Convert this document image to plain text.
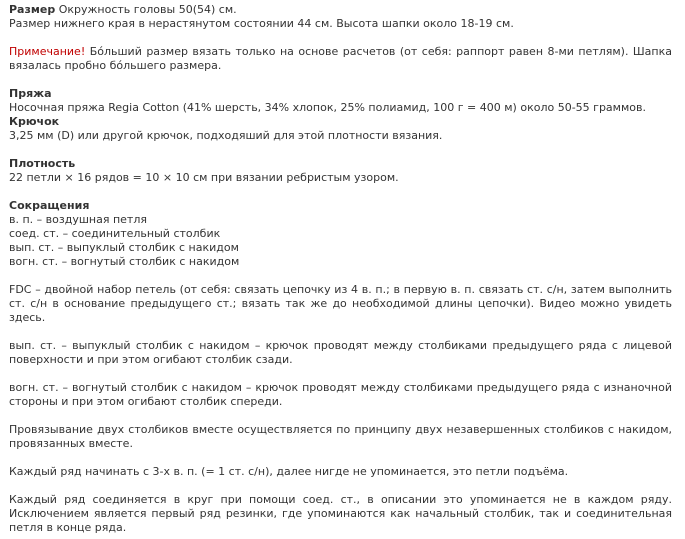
Размер Окружность головы 50(54) см.
Размер нижнего края в нерастянутом состоянии 44 см. Высота шапки около 18-19 см.

Примечание! Бóльший размер вязать только на основе расчетов (от себя: раппорт равен 8-ми петлям). Шапка вязалась пробно бóльшего размера.

Пряжа
Носочная пряжа Regia Cotton (41% шерсть, 34% хлопок, 25% полиамид, 100 г = 400 м) около 50-55 граммов.
Крючок
3,25 мм (D) или другой крючок, подходяший для этой плотности вязания.

Плотность
22 петли × 16 рядов = 10 × 10 см при вязании ребристым узором.

Сокращения
в. п. – воздушная петля
соед. ст. – соединительный столбик
вып. ст. – выпуклый столбик с накидом
вогн. ст. – вогнутый столбик с накидом

FDC – двойной набор петель (от себя: связать цепочку из 4 в. п.; в первую в. п. связать ст. с/н, затем выполнить ст. с/н в основание предыдущего ст.; вязать так же до необходимой длины цепочки). Видео можно увидеть здесь.

вып. ст. – выпуклый столбик с накидом – крючок проводят между столбиками предыдущего ряда с лицевой поверхности и при этом огибают столбик сзади.

вогн. ст. – вогнутый столбик с накидом – крючок проводят между столбиками предыдущего ряда с изнаночной стороны и при этом огибают столбик спереди.

Провязывание двух столбиков вместе осуществляется по принципу двух незавершенных столбиков с накидом, провязанных вместе.

Каждый ряд начинать с 3-х в. п. (= 1 ст. с/н), далее нигде не упоминается, это петли подъёма.

Каждый ряд соединяется в круг при помощи соед. ст., в описании это упоминается не в каждом ряду. Исключением является первый ряд резинки, где упоминаются как начальный столбик, так и соединительная петля в конце ряда.
